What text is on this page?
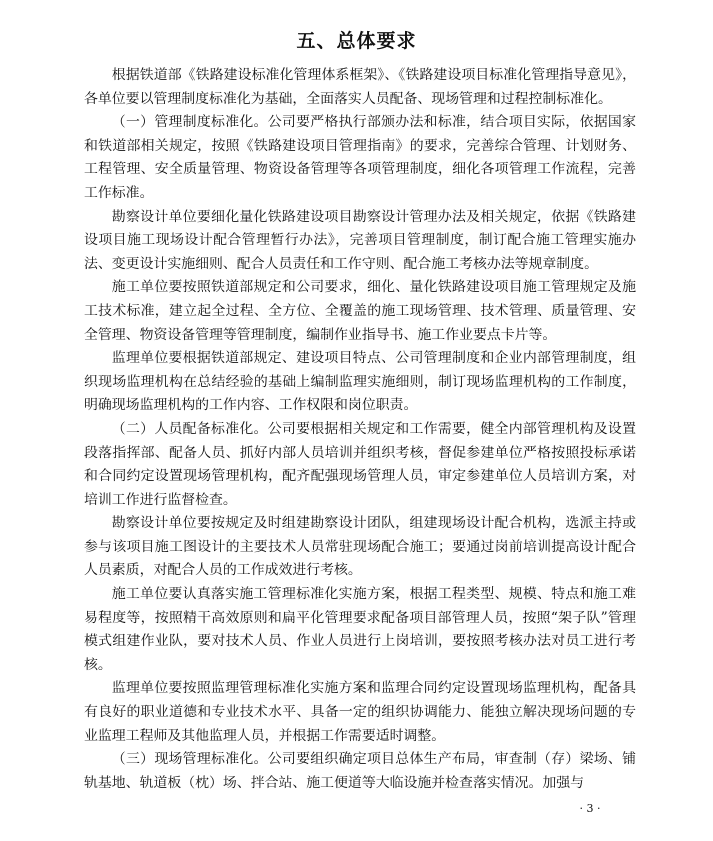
五、总体要求

根据铁道部《铁路建设标准化管理体系框架》、《铁路建设项目标准化管理指导意见》，各单位要以管理制度标准化为基础，全面落实人员配备、现场管理和过程控制标准化。

（一）管理制度标准化。公司要严格执行部颁办法和标准，结合项目实际，依据国家和铁道部相关规定，按照《铁路建设项目管理指南》的要求，完善综合管理、计划财务、工程管理、安全质量管理、物资设备管理等各项管理制度，细化各项管理工作流程，完善工作标准。

勘察设计单位要细化量化铁路建设项目勘察设计管理办法及相关规定，依据《铁路建设项目施工现场设计配合管理暂行办法》，完善项目管理制度，制订配合施工管理实施办法、变更设计实施细则、配合人员责任和工作守则、配合施工考核办法等规章制度。

施工单位要按照铁道部规定和公司要求，细化、量化铁路建设项目施工管理规定及施工技术标准，建立起全过程、全方位、全覆盖的施工现场管理、技术管理、质量管理、安全管理、物资设备管理等管理制度，编制作业指导书、施工作业要点卡片等。

监理单位要根据铁道部规定、建设项目特点、公司管理制度和企业内部管理制度，组织现场监理机构在总结经验的基础上编制监理实施细则，制订现场监理机构的工作制度，明确现场监理机构的工作内容、工作权限和岗位职责。

（二）人员配备标准化。公司要根据相关规定和工作需要，健全内部管理机构及设置段落指挥部、配备人员、抓好内部人员培训并组织考核，督促参建单位严格按照投标承诺和合同约定设置现场管理机构，配齐配强现场管理人员，审定参建单位人员培训方案，对培训工作进行监督检查。

勘察设计单位要按规定及时组建勘察设计团队，组建现场设计配合机构，选派主持或参与该项目施工图设计的主要技术人员常驻现场配合施工；要通过岗前培训提高设计配合人员素质，对配合人员的工作成效进行考核。

施工单位要认真落实施工管理标准化实施方案，根据工程类型、规模、特点和施工难易程度等，按照精干高效原则和扁平化管理要求配备项目部管理人员，按照“架子队”管理模式组建作业队，要对技术人员、作业人员进行上岗培训，要按照考核办法对员工进行考核。

监理单位要按照监理管理标准化实施方案和监理合同约定设置现场监理机构，配备具有良好的职业道德和专业技术水平、具备一定的组织协调能力、能独立解决现场问题的专业监理工程师及其他监理人员，并根据工作需要适时调整。

（三）现场管理标准化。公司要组织确定项目总体生产布局，审查制（存）梁场、铺轨基地、轨道板（枕）场、拌合站、施工便道等大临设施并检查落实情况。加强与

· 3 ·
